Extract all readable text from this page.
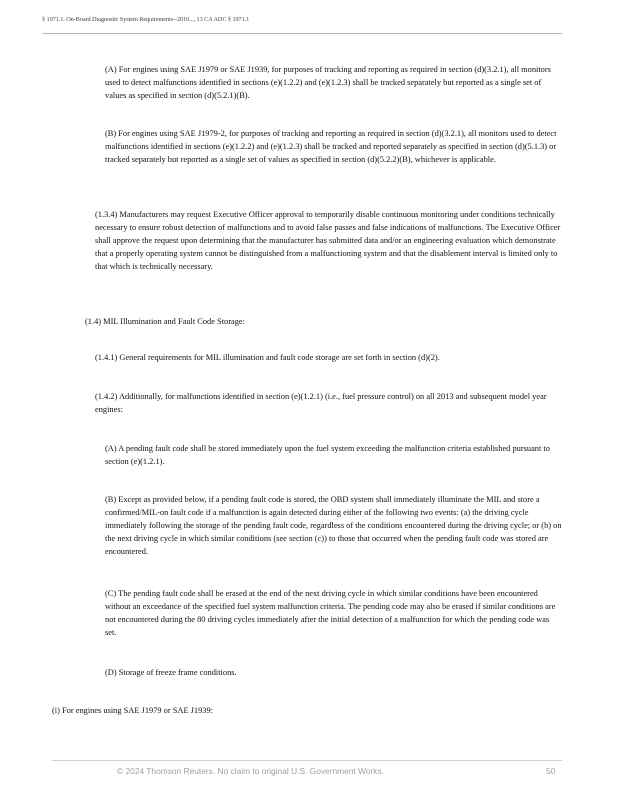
§ 1971.1. On-Board Diagnostic System Requirements--2010..., 13 CA ADC § 1971.1

(A) For engines using SAE J1979 or SAE J1939, for purposes of tracking and reporting as required in section (d)(3.2.1), all monitors used to detect malfunctions identified in sections (e)(1.2.2) and (e)(1.2.3) shall be tracked separately but reported as a single set of values as specified in section (d)(5.2.1)(B).

(B) For engines using SAE J1979-2, for purposes of tracking and reporting as required in section (d)(3.2.1), all monitors used to detect malfunctions identified in sections (e)(1.2.2) and (e)(1.2.3) shall be tracked and reported separately as specified in section (d)(5.1.3) or tracked separately but reported as a single set of values as specified in section (d)(5.2.2)(B), whichever is applicable.

(1.3.4) Manufacturers may request Executive Officer approval to temporarily disable continuous monitoring under conditions technically necessary to ensure robust detection of malfunctions and to avoid false passes and false indications of malfunctions. The Executive Officer shall approve the request upon determining that the manufacturer has submitted data and/or an engineering evaluation which demonstrate that a properly operating system cannot be distinguished from a malfunctioning system and that the disablement interval is limited only to that which is technically necessary.

(1.4) MIL Illumination and Fault Code Storage:

(1.4.1) General requirements for MIL illumination and fault code storage are set forth in section (d)(2).

(1.4.2) Additionally, for malfunctions identified in section (e)(1.2.1) (i.e., fuel pressure control) on all 2013 and subsequent model year engines:

(A) A pending fault code shall be stored immediately upon the fuel system exceeding the malfunction criteria established pursuant to section (e)(1.2.1).

(B) Except as provided below, if a pending fault code is stored, the OBD system shall immediately illuminate the MIL and store a confirmed/MIL-on fault code if a malfunction is again detected during either of the following two events: (a) the driving cycle immediately following the storage of the pending fault code, regardless of the conditions encountered during the driving cycle; or (b) on the next driving cycle in which similar conditions (see section (c)) to those that occurred when the pending fault code was stored are encountered.

(C) The pending fault code shall be erased at the end of the next driving cycle in which similar conditions have been encountered without an exceedance of the specified fuel system malfunction criteria. The pending code may also be erased if similar conditions are not encountered during the 80 driving cycles immediately after the initial detection of a malfunction for which the pending code was set.

(D) Storage of freeze frame conditions.

(i) For engines using SAE J1979 or SAE J1939:

© 2024 Thomson Reuters. No claim to original U.S. Government Works.	50
